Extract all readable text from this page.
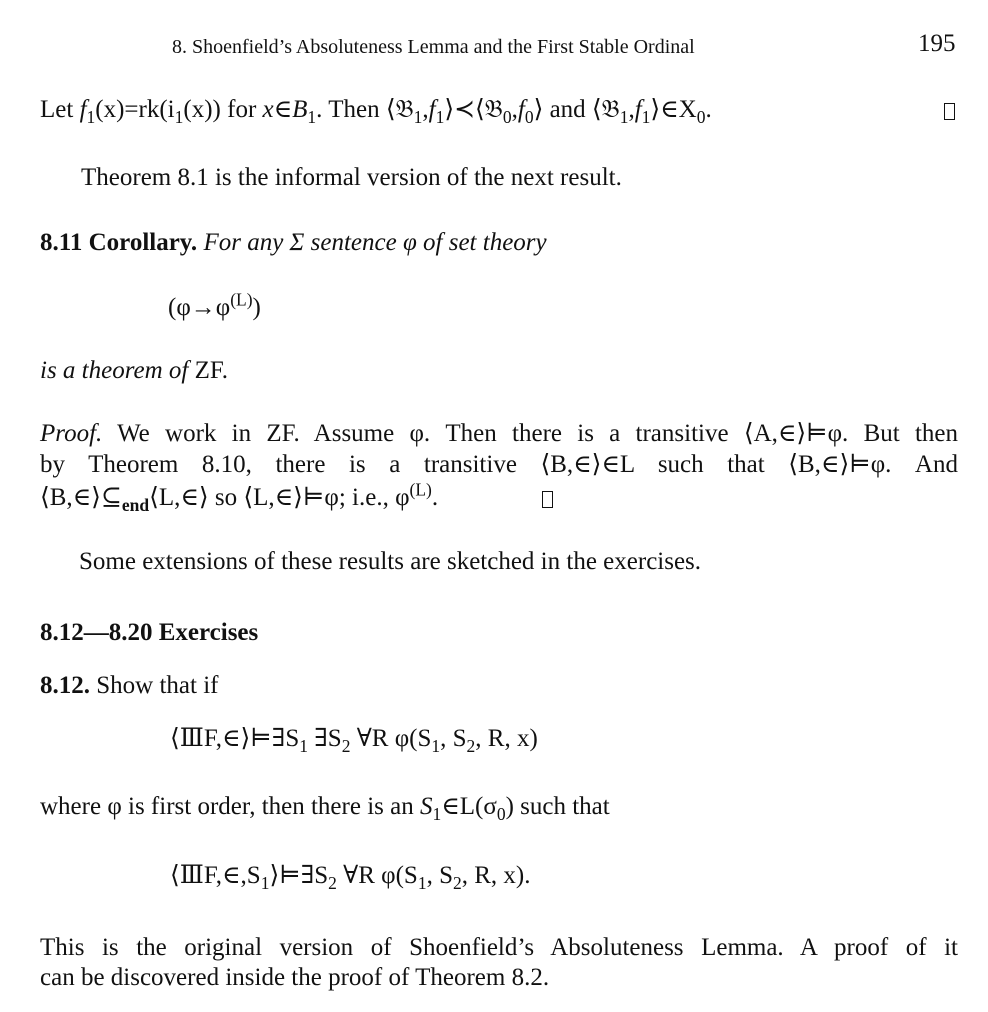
8. Shoenfield’s Absoluteness Lemma and the First Stable Ordinal	195
Let $f_1(x)=rk(i_1(x))$ for $x\in B_1$. Then $⟨𝔅_1,f_1⟩≺⟨𝔅_0,f_0⟩$ and $⟨𝔅_1,f_1⟩\in X_0$.
Theorem 8.1 is the informal version of the next result.
8.11 Corollary. For any Σ sentence φ of set theory
$(\varphi\to\varphi^{(L)})$
is a theorem of ZF.
Proof. We work in ZF. Assume φ. Then there is a transitive ⟨A,∈⟩⊨φ. But then
by Theorem 8.10, there is a transitive ⟨B,∈⟩∈L such that ⟨B,∈⟩⊨φ. And
$⟨B,\in⟩⊆_{end}⟨L,\in⟩$ so ⟨L,∈⟩⊨φ; i.e., $\varphi^{(L)}$.
Some extensions of these results are sketched in the exercises.
8.12—8.20 Exercises
8.12. Show that if
$⟨ⅢF,\in⟩⊨\exists S_1$ $\exists S_2$ ∀R $\varphi(S_1$, $S_2$, R, x)
where φ is first order, then there is an $S_1\in L(\sigma_0)$ such that
$⟨ⅢF,\in,S_1⟩⊨\exists S_2$ ∀R $\varphi(S_1$, $S_2$, R, x).
This is the original version of Shoenfield’s Absoluteness Lemma. A proof of it
can be discovered inside the proof of Theorem 8.2.
